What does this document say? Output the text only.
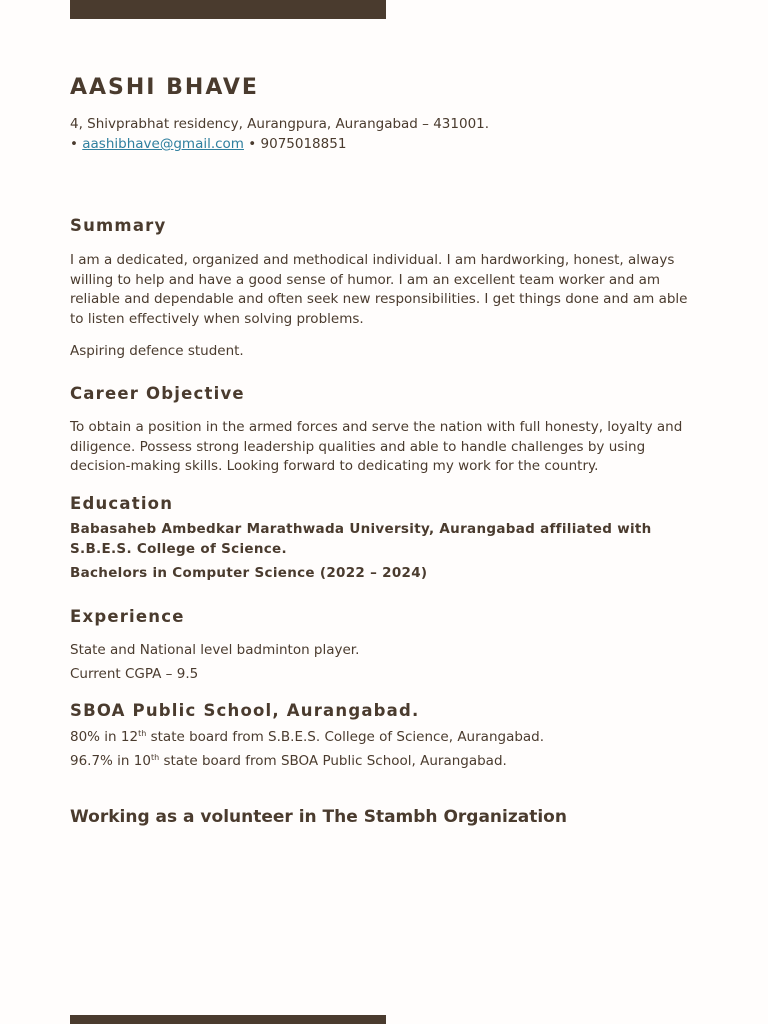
AASHI BHAVE
4, Shivprabhat residency, Aurangpura, Aurangabad – 431001.
• aashibhave@gmail.com • 9075018851
Summary

I am a dedicated, organized and methodical individual. I am hardworking, honest, always willing to help and have a good sense of humor. I am an excellent team worker and am reliable and dependable and often seek new responsibilities. I get things done and am able to listen effectively when solving problems.

Aspiring defence student.

Career Objective

To obtain a position in the armed forces and serve the nation with full honesty, loyalty and diligence. Possess strong leadership qualities and able to handle challenges by using decision-making skills. Looking forward to dedicating my work for the country.

Education

Babasaheb Ambedkar Marathwada University, Aurangabad affiliated with S.B.E.S. College of Science.

Bachelors in Computer Science (2022 – 2024)

Experience

State and National level badminton player.

Current CGPA – 9.5

SBOA Public School, Aurangabad.

80% in 12th state board from S.B.E.S. College of Science, Aurangabad.

96.7% in 10th state board from SBOA Public School, Aurangabad.

Working as a volunteer in The Stambh Organization
